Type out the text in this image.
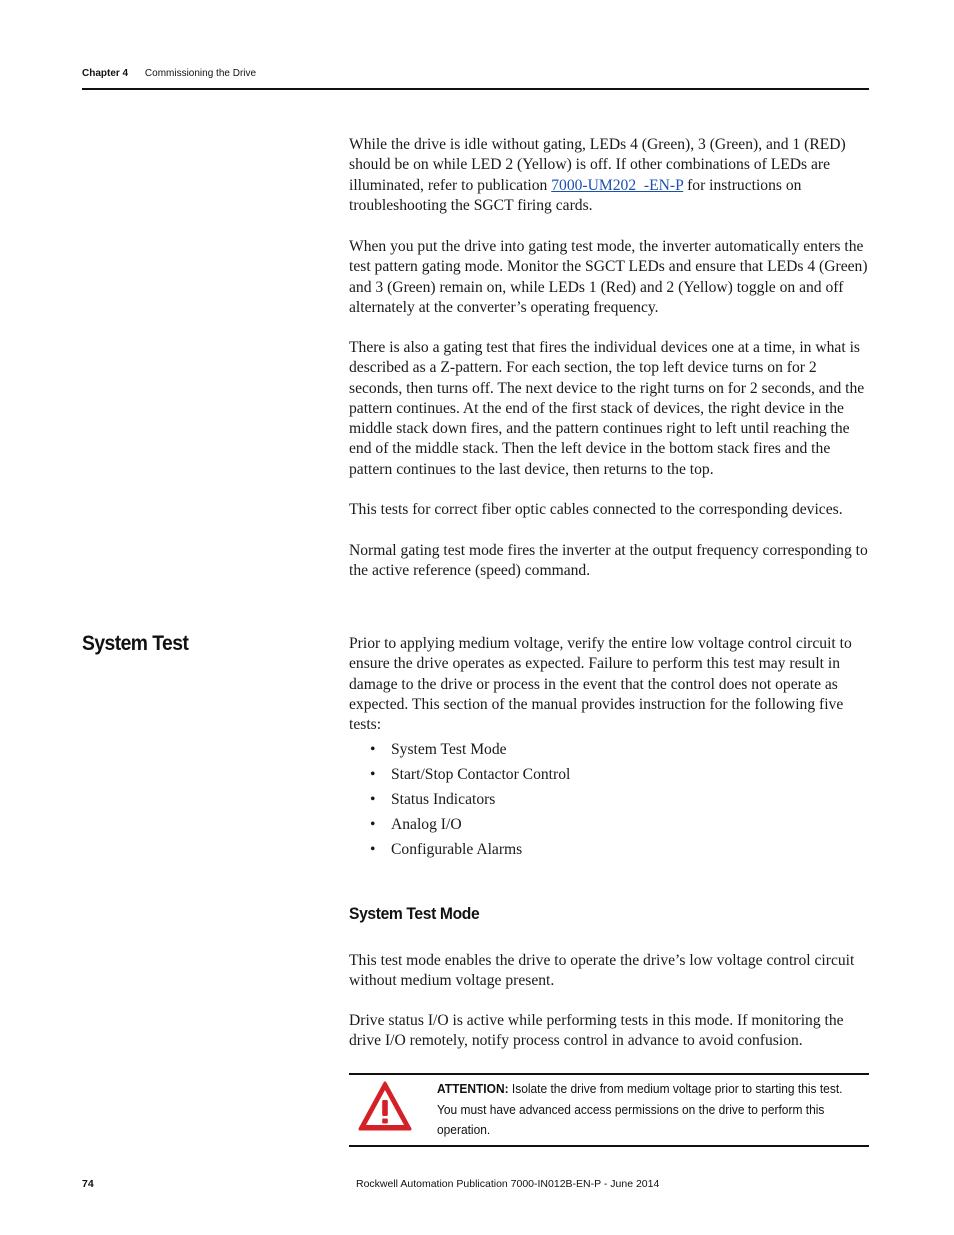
Chapter 4 Commissioning the Drive

While the drive is idle without gating, LEDs 4 (Green), 3 (Green), and 1 (RED) should be on while LED 2 (Yellow) is off. If other combinations of LEDs are illuminated, refer to publication 7000-UM202_-EN-P for instructions on troubleshooting the SGCT firing cards.

When you put the drive into gating test mode, the inverter automatically enters the test pattern gating mode. Monitor the SGCT LEDs and ensure that LEDs 4 (Green) and 3 (Green) remain on, while LEDs 1 (Red) and 2 (Yellow) toggle on and off alternately at the converter’s operating frequency.

There is also a gating test that fires the individual devices one at a time, in what is described as a Z-pattern. For each section, the top left device turns on for 2 seconds, then turns off. The next device to the right turns on for 2 seconds, and the pattern continues. At the end of the first stack of devices, the right device in the middle stack down fires, and the pattern continues right to left until reaching the end of the middle stack. Then the left device in the bottom stack fires and the pattern continues to the last device, then returns to the top.

This tests for correct fiber optic cables connected to the corresponding devices.

Normal gating test mode fires the inverter at the output frequency corresponding to the active reference (speed) command.

System Test	Prior to applying medium voltage, verify the entire low voltage control circuit to ensure the drive operates as expected. Failure to perform this test may result in damage to the drive or process in the event that the control does not operate as expected. This section of the manual provides instruction for the following five tests:

• System Test Mode
• Start/Stop Contactor Control
• Status Indicators
• Analog I/O
• Configurable Alarms
System Test Mode

This test mode enables the drive to operate the drive’s low voltage control circuit without medium voltage present.

Drive status I/O is active while performing tests in this mode. If monitoring the drive I/O remotely, notify process control in advance to avoid confusion.

ATTENTION: Isolate the drive from medium voltage prior to starting this test. You must have advanced access permissions on the drive to perform this operation.
74	Rockwell Automation Publication 7000-IN012B-EN-P - June 2014
